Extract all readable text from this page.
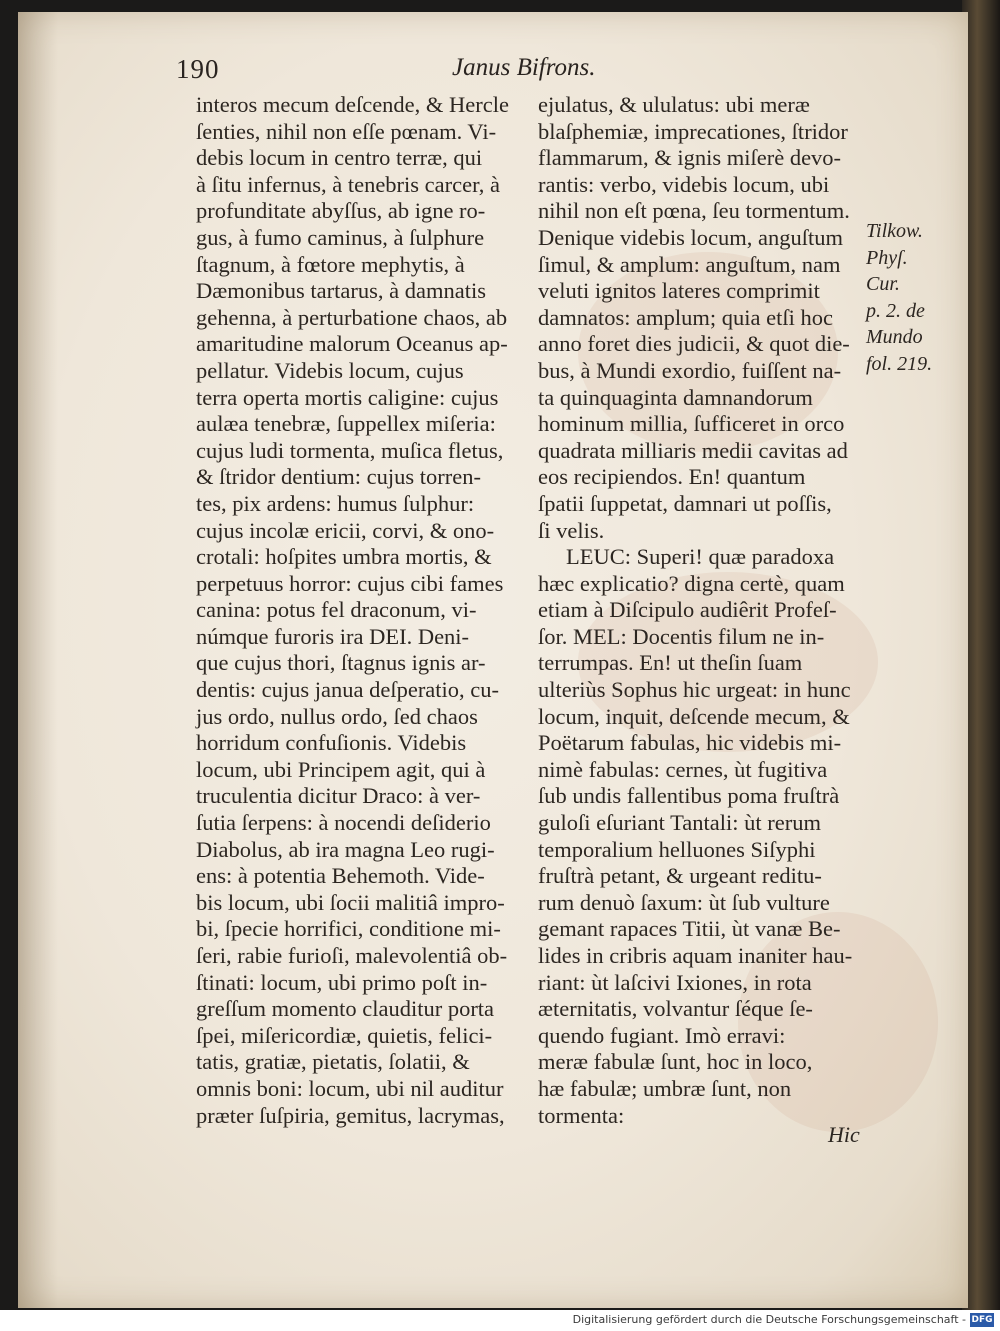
190	Janus Bifrons.
interos mecum deſcende, & Hercle
ſenties, nihil non eſſe pœnam. Vi-
debis locum in centro terræ, qui
à ſitu infernus, à tenebris carcer, à
profunditate abyſſus, ab igne ro-
gus, à fumo caminus, à ſulphure
ſtagnum, à fœtore mephytis, à
Dæmonibus tartarus, à damnatis
gehenna, à perturbatione chaos, ab
amaritudine malorum Oceanus ap-
pellatur. Videbis locum, cujus
terra operta mortis caligine: cujus
aulæa tenebræ, ſuppellex miſeria:
cujus ludi tormenta, muſica fletus,
& ſtridor dentium: cujus torren-
tes, pix ardens: humus ſulphur:
cujus incolæ ericii, corvi, & ono-
crotali: hoſpites umbra mortis, &
perpetuus horror: cujus cibi fames
canina: potus fel draconum, vi-
númque furoris ira DEI. Deni-
que cujus thori, ſtagnus ignis ar-
dentis: cujus janua deſperatio, cu-
jus ordo, nullus ordo, ſed chaos
horridum confuſionis. Videbis
locum, ubi Principem agit, qui à
truculentia dicitur Draco: à ver-
ſutia ſerpens: à nocendi deſiderio
Diabolus, ab ira magna Leo rugi-
ens: à potentia Behemoth. Vide-
bis locum, ubi ſocii malitiâ impro-
bi, ſpecie horrifici, conditione mi-
ſeri, rabie furioſi, malevolentiâ ob-
ſtinati: locum, ubi primo poſt in-
greſſum momento clauditur porta
ſpei, miſericordiæ, quietis, felici-
tatis, gratiæ, pietatis, ſolatii, &
omnis boni: locum, ubi nil auditur
præter ſuſpiria, gemitus, lacrymas,
ejulatus, & ululatus: ubi meræ
blaſphemiæ, imprecationes, ſtridor
flammarum, & ignis miſerè devo-
rantis: verbo, videbis locum, ubi
nihil non eſt pœna, ſeu tormentum.
Denique videbis locum, anguſtum
ſimul, & amplum: anguſtum, nam
veluti ignitos lateres comprimit
damnatos: amplum; quia etſi hoc
anno foret dies judicii, & quot die-
bus, à Mundi exordio, fuiſſent na-
ta quinquaginta damnandorum
hominum millia, ſufficeret in orco
quadrata milliaris medii cavitas ad
eos recipiendos. En! quantum
ſpatii ſuppetat, damnari ut poſſis,
ſi velis.
LEUC: Superi! quæ paradoxa
hæc explicatio? digna certè, quam
etiam à Diſcipulo audiêrit Profeſ-
ſor. MEL: Docentis filum ne in-
terrumpas. En! ut theſin ſuam
ulteriùs Sophus hic urgeat: in hunc
locum, inquit, deſcende mecum, &
Poëtarum fabulas, hic videbis mi-
nimè fabulas: cernes, ùt fugitiva
ſub undis fallentibus poma fruſtrà
guloſi eſuriant Tantali: ùt rerum
temporalium helluones Siſyphi
fruſtrà petant, & urgeant reditu-
rum denuò ſaxum: ùt ſub vulture
gemant rapaces Titii, ùt vanæ Be-
lides in cribris aquam inaniter hau-
riant: ùt laſcivi Ixiones, in rota
æternitatis, volvantur ſéque ſe-
quendo fugiant. Imò erravi:
meræ fabulæ ſunt, hoc in loco,
hæ fabulæ; umbræ ſunt, non
tormenta:
Tilkow.
Phyſ.
Cur.
p. 2. de
Mundo
fol. 219.
Hic
Digitalisierung gefördert durch die Deutsche Forschungsgemeinschaft - DFG
